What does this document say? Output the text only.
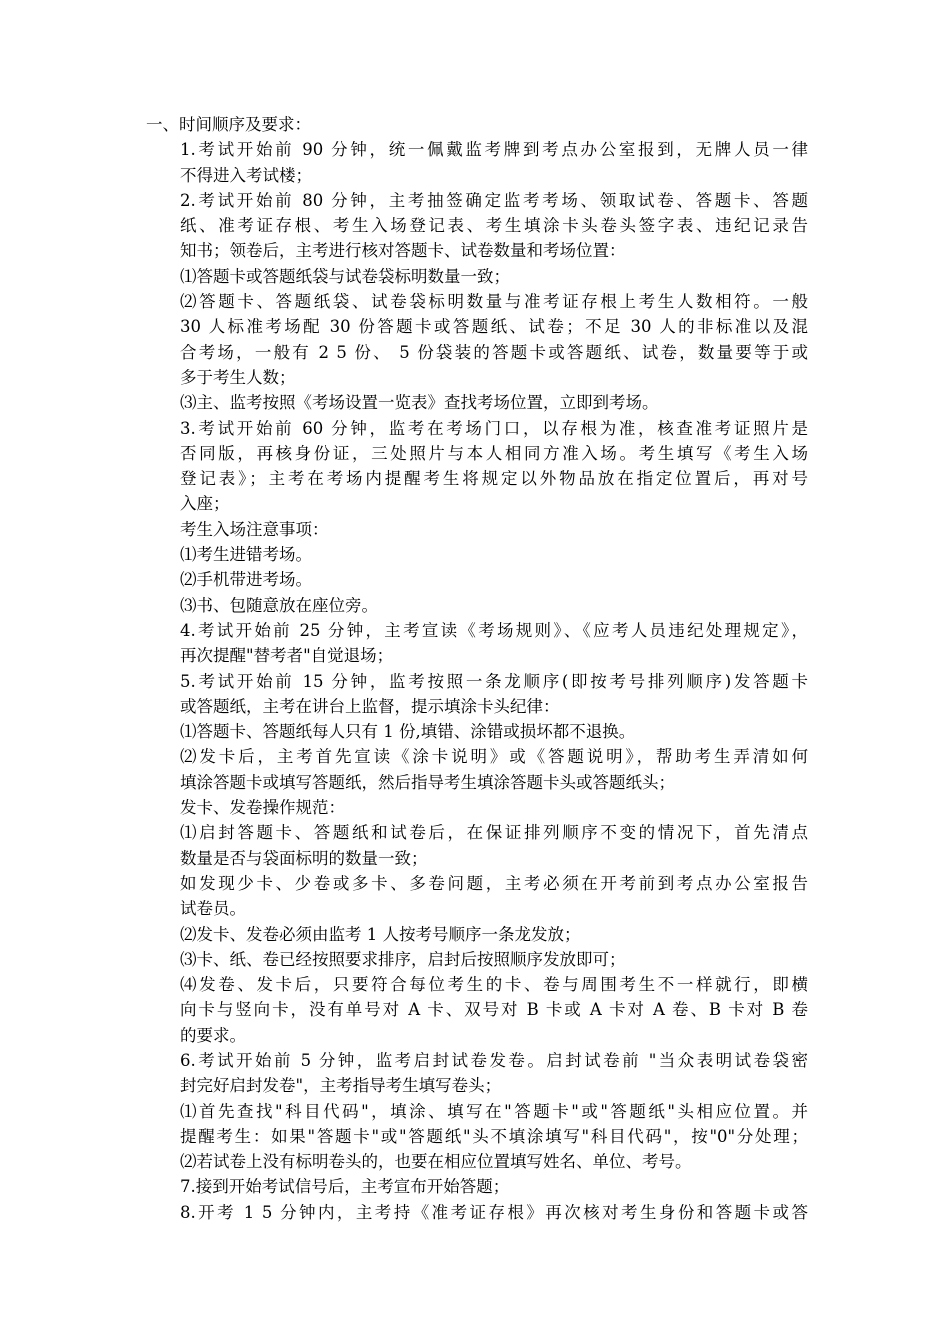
一、时间顺序及要求：
1.考试开始前 90 分钟，统一佩戴监考牌到考点办公室报到，无牌人员一律
不得进入考试楼；
2.考试开始前 80 分钟，主考抽签确定监考考场、领取试卷、答题卡、答题
纸、准考证存根、考生入场登记表、考生填涂卡头卷头签字表、违纪记录告
知书；领卷后，主考进行核对答题卡、试卷数量和考场位置：
⑴答题卡或答题纸袋与试卷袋标明数量一致；
⑵答题卡、答题纸袋、试卷袋标明数量与准考证存根上考生人数相符。一般
30 人标准考场配 30 份答题卡或答题纸、试卷；不足 30 人的非标准以及混
合考场，一般有 2 5 份、 5 份袋装的答题卡或答题纸、试卷，数量要等于或
多于考生人数；
⑶主、监考按照《考场设置一览表》查找考场位置，立即到考场。
3.考试开始前 60 分钟，监考在考场门口，以存根为准，核查准考证照片是
否同版，再核身份证，三处照片与本人相同方准入场。考生填写《考生入场
登记表》；主考在考场内提醒考生将规定以外物品放在指定位置后，再对号
入座；
考生入场注意事项：
⑴考生进错考场。
⑵手机带进考场。
⑶书、包随意放在座位旁。
4.考试开始前 25 分钟，主考宣读《考场规则》、《应考人员违纪处理规定》，
再次提醒"替考者"自觉退场；
5.考试开始前 15 分钟，监考按照一条龙顺序(即按考号排列顺序)发答题卡
或答题纸，主考在讲台上监督，提示填涂卡头纪律：
⑴答题卡、答题纸每人只有 1 份,填错、涂错或损坏都不退换。
⑵发卡后，主考首先宣读《涂卡说明》或《答题说明》，帮助考生弄清如何
填涂答题卡或填写答题纸，然后指导考生填涂答题卡头或答题纸头；
发卡、发卷操作规范：
⑴启封答题卡、答题纸和试卷后，在保证排列顺序不变的情况下，首先清点
数量是否与袋面标明的数量一致；
如发现少卡、少卷或多卡、多卷问题，主考必须在开考前到考点办公室报告
试卷员。
⑵发卡、发卷必须由监考 1 人按考号顺序一条龙发放；
⑶卡、纸、卷已经按照要求排序，启封后按照顺序发放即可；
⑷发卷、发卡后，只要符合每位考生的卡、卷与周围考生不一样就行，即横
向卡与竖向卡，没有单号对 A 卡、双号对 B 卡或 A 卡对 A 卷、B 卡对 B 卷
的要求。
6.考试开始前 5 分钟，监考启封试卷发卷。启封试卷前 "当众表明试卷袋密
封完好启封发卷"，主考指导考生填写卷头；
⑴首先查找"科目代码"，填涂、填写在"答题卡"或"答题纸"头相应位置。并
提醒考生：如果"答题卡"或"答题纸"头不填涂填写"科目代码"，按"0"分处理；
⑵若试卷上没有标明卷头的，也要在相应位置填写姓名、单位、考号。
7.接到开始考试信号后，主考宣布开始答题；
8.开考 1 5 分钟内，主考持《准考证存根》再次核对考生身份和答题卡或答
